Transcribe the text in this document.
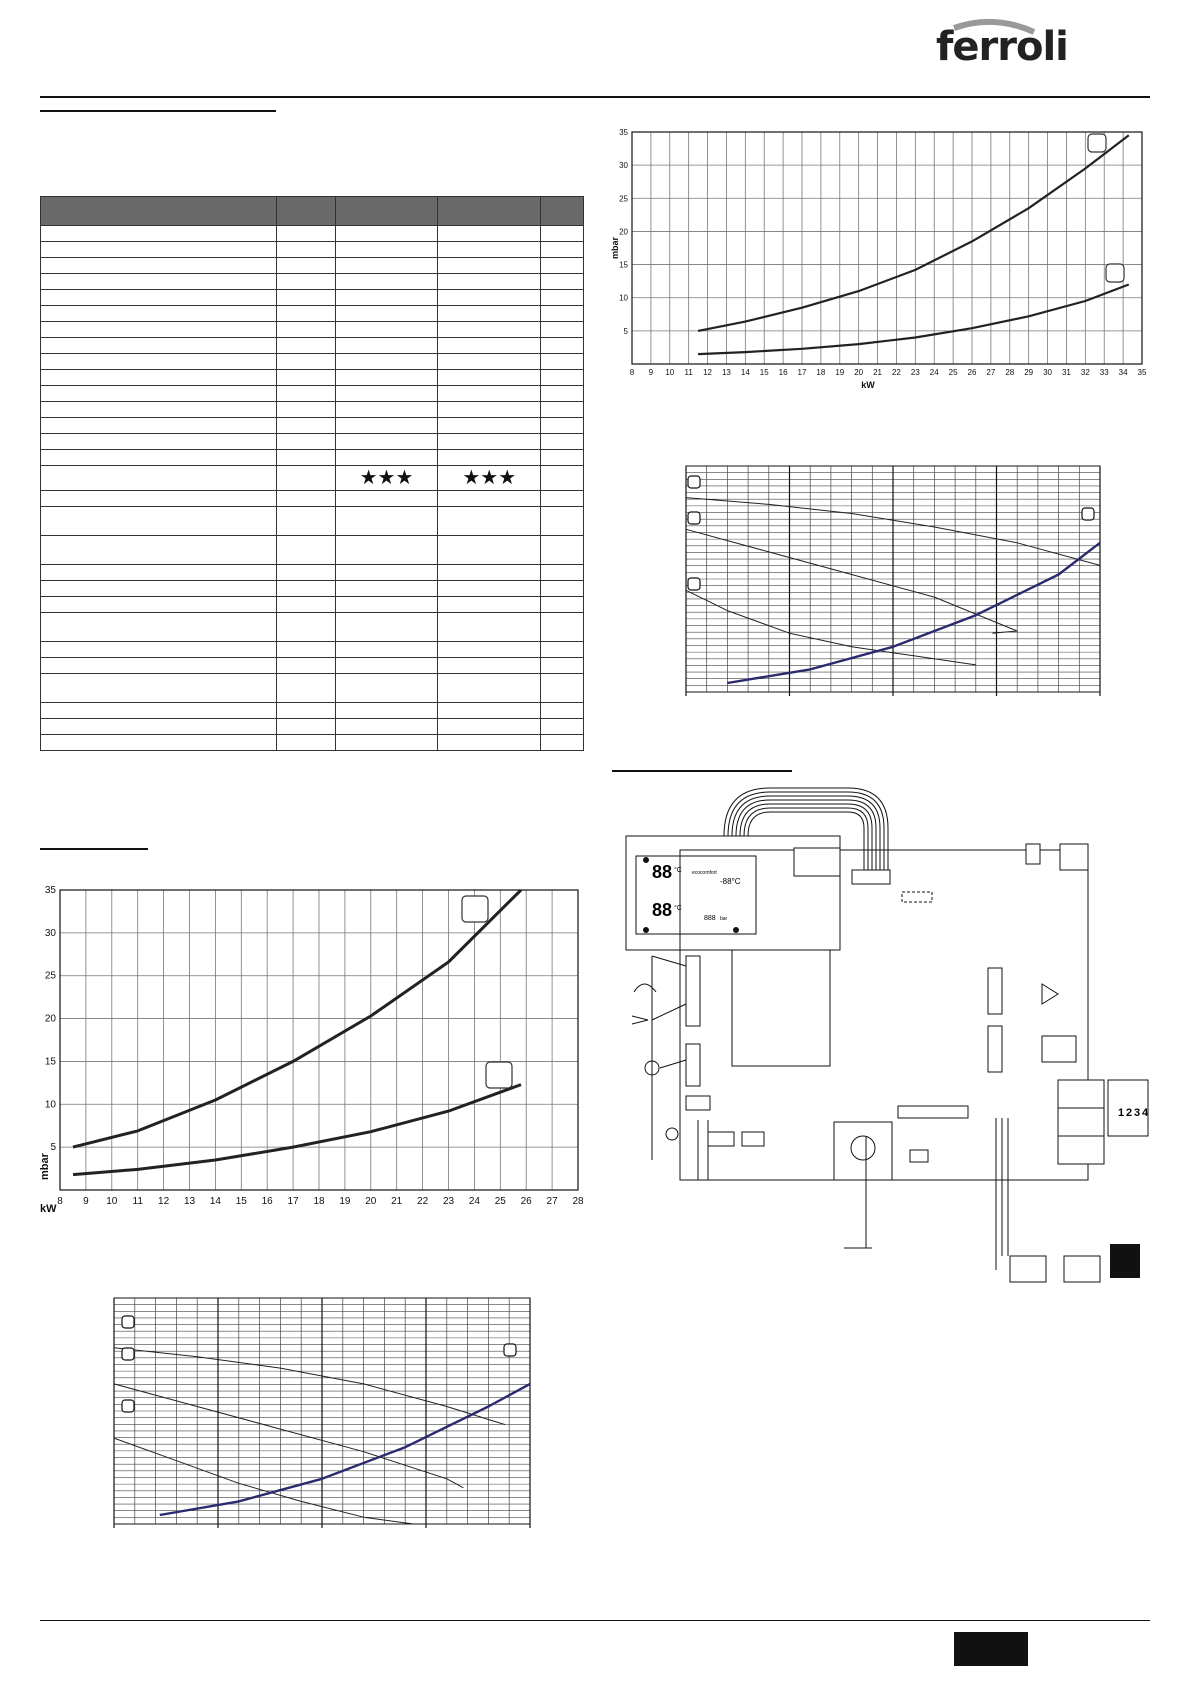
ferroli

		★★★	★★★	

8 9 10 11 12 13 14 15 16 17 18 19 20 21 22 23 24 25 26 27 28 29 30 31 32 33 34 35
5
10
15
20
25
30
35
kW
mbar
8 9 10 11 12 13 14 15 16 17 18 19 20 21 22 23 24 25 26 27 28
5
10
15
20
25
30
35
kW
mbar
88 °C ecocomfort
-88°C
88 °C
888 bar
1 2 3 4
